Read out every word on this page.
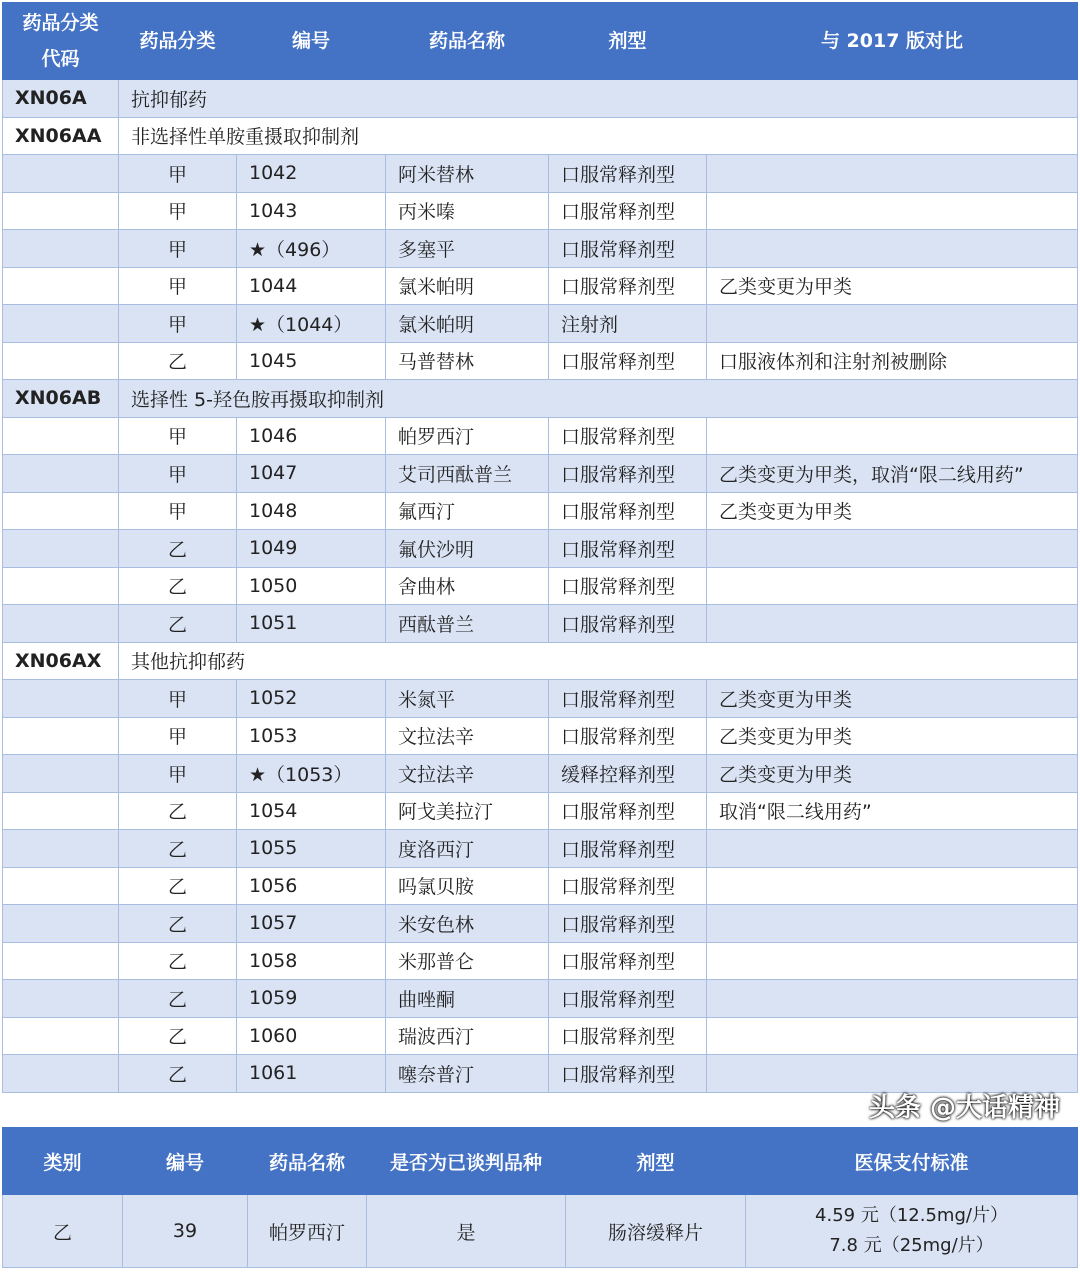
药品分类代码	药品分类	编号	药品名称	剂型	与 2017 版对比
XN06A	抗抑郁药				
XN06AA	非选择性单胺重摄取抑制剂				
	甲	1042	阿米替林	口服常释剂型	
	甲	1043	丙米嗪	口服常释剂型	
	甲	★（496）	多塞平	口服常释剂型	
	甲	1044	氯米帕明	口服常释剂型	乙类变更为甲类
	甲	★（1044）	氯米帕明	注射剂	
	乙	1045	马普替林	口服常释剂型	口服液体剂和注射剂被删除
XN06AB	选择性 5-羟色胺再摄取抑制剂				
	甲	1046	帕罗西汀	口服常释剂型	
	甲	1047	艾司西酞普兰	口服常释剂型	乙类变更为甲类，取消“限二线用药”
	甲	1048	氟西汀	口服常释剂型	乙类变更为甲类
	乙	1049	氟伏沙明	口服常释剂型	
	乙	1050	舍曲林	口服常释剂型	
	乙	1051	西酞普兰	口服常释剂型	
XN06AX	其他抗抑郁药				
	甲	1052	米氮平	口服常释剂型	乙类变更为甲类
	甲	1053	文拉法辛	口服常释剂型	乙类变更为甲类
	甲	★（1053）	文拉法辛	缓释控释剂型	乙类变更为甲类
	乙	1054	阿戈美拉汀	口服常释剂型	取消“限二线用药”
	乙	1055	度洛西汀	口服常释剂型	
	乙	1056	吗氯贝胺	口服常释剂型	
	乙	1057	米安色林	口服常释剂型	
	乙	1058	米那普仑	口服常释剂型	
	乙	1059	曲唑酮	口服常释剂型	
	乙	1060	瑞波西汀	口服常释剂型	
	乙	1061	噻奈普汀	口服常释剂型	
头条 @大话精神
类别	编号	药品名称	是否为已谈判品种	剂型	医保支付标准
乙	39	帕罗西汀	是	肠溶缓释片	4.59 元（12.5mg/片）
7.8 元（25mg/片）
